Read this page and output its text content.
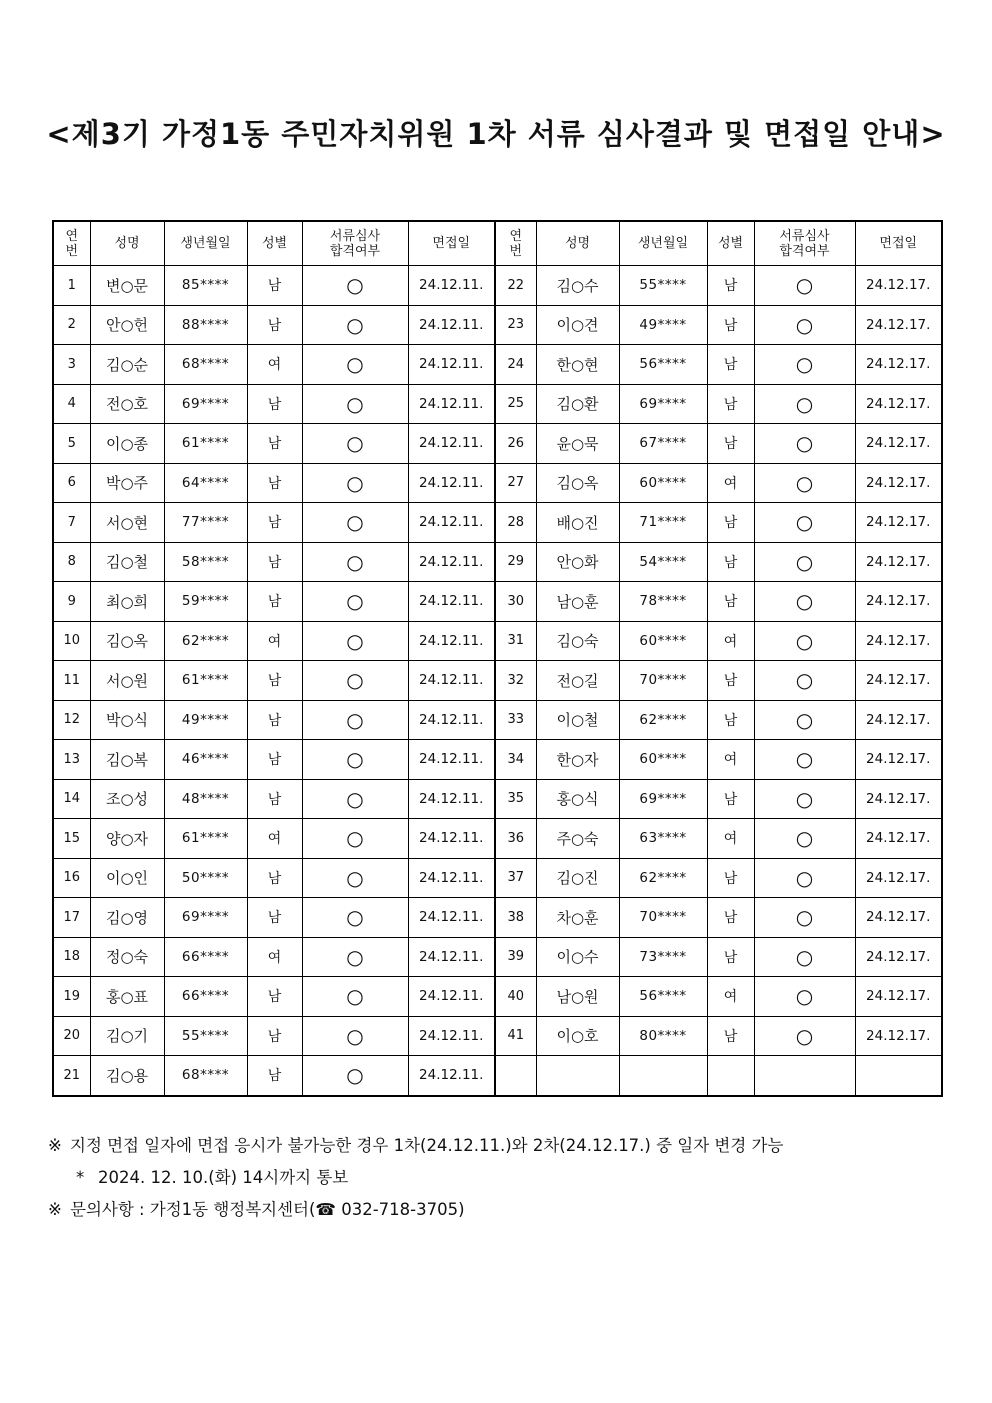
<제3기 가정1동 주민자치위원 1차 서류 심사결과 및 면접일 안내>
연번	성명	생년월일	성별	서류심사 합격여부	면접일	연번	성명	생년월일	성별	서류심사 합격여부	면접일
1	변○문	85****	남	○	24.12.11.	22	김○수	55****	남	○	24.12.17.
2	안○헌	88****	남	○	24.12.11.	23	이○견	49****	남	○	24.12.17.
3	김○순	68****	여	○	24.12.11.	24	한○현	56****	남	○	24.12.17.
4	전○호	69****	남	○	24.12.11.	25	김○환	69****	남	○	24.12.17.
5	이○종	61****	남	○	24.12.11.	26	윤○묵	67****	남	○	24.12.17.
6	박○주	64****	남	○	24.12.11.	27	김○옥	60****	여	○	24.12.17.
7	서○현	77****	남	○	24.12.11.	28	배○진	71****	남	○	24.12.17.
8	김○철	58****	남	○	24.12.11.	29	안○화	54****	남	○	24.12.17.
9	최○희	59****	남	○	24.12.11.	30	남○훈	78****	남	○	24.12.17.
10	김○옥	62****	여	○	24.12.11.	31	김○숙	60****	여	○	24.12.17.
11	서○원	61****	남	○	24.12.11.	32	전○길	70****	남	○	24.12.17.
12	박○식	49****	남	○	24.12.11.	33	이○철	62****	남	○	24.12.17.
13	김○복	46****	남	○	24.12.11.	34	한○자	60****	여	○	24.12.17.
14	조○성	48****	남	○	24.12.11.	35	홍○식	69****	남	○	24.12.17.
15	양○자	61****	여	○	24.12.11.	36	주○숙	63****	여	○	24.12.17.
16	이○인	50****	남	○	24.12.11.	37	김○진	62****	남	○	24.12.17.
17	김○영	69****	남	○	24.12.11.	38	차○훈	70****	남	○	24.12.17.
18	정○숙	66****	여	○	24.12.11.	39	이○수	73****	남	○	24.12.17.
19	홍○표	66****	남	○	24.12.11.	40	남○원	56****	여	○	24.12.17.
20	김○기	55****	남	○	24.12.11.	41	이○호	80****	남	○	24.12.17.
21	김○용	68****	남	○	24.12.11.						
※ 지정 면접 일자에 면접 응시가 불가능한 경우 1차(24.12.11.)와 2차(24.12.17.) 중 일자 변경 가능
* 2024. 12. 10.(화) 14시까지 통보
※ 문의사항 : 가정1동 행정복지센터(☎ 032-718-3705)
